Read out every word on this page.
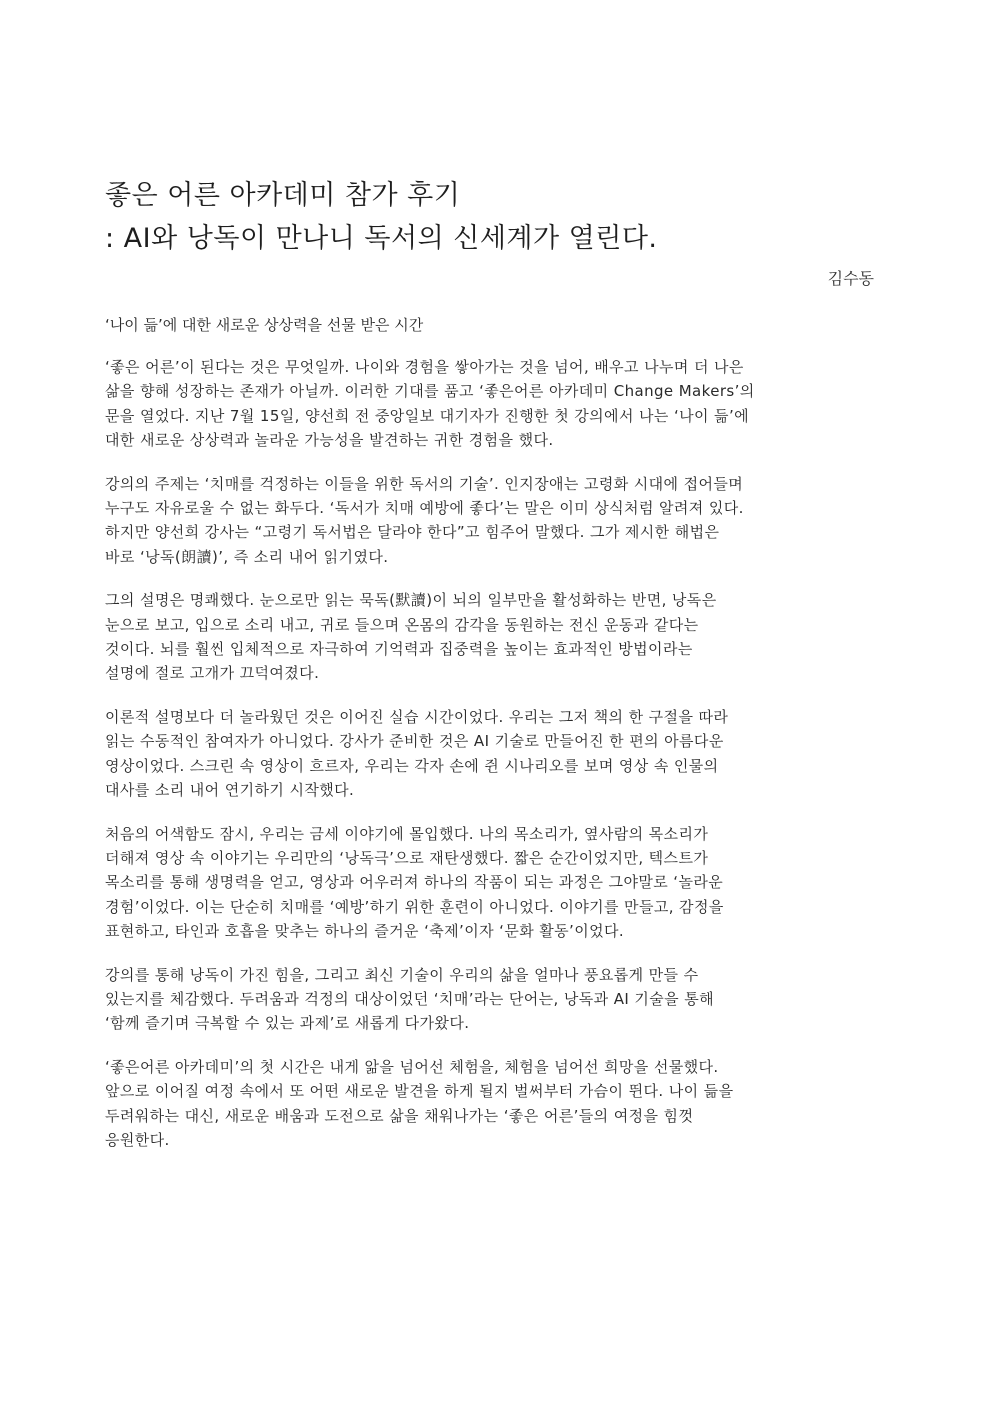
좋은 어른 아카데미 참가 후기
: AI와 낭독이 만나니 독서의 신세계가 열린다.
김수동
‘나이 듦’에 대한 새로운 상상력을 선물 받은 시간
‘좋은 어른’이 된다는 것은 무엇일까. 나이와 경험을 쌓아가는 것을 넘어, 배우고 나누며 더 나은
삶을 향해 성장하는 존재가 아닐까. 이러한 기대를 품고 ‘좋은어른 아카데미 Change Makers’의
문을 열었다. 지난 7월 15일, 양선희 전 중앙일보 대기자가 진행한 첫 강의에서 나는 ‘나이 듦’에
대한 새로운 상상력과 놀라운 가능성을 발견하는 귀한 경험을 했다.
강의의 주제는 ‘치매를 걱정하는 이들을 위한 독서의 기술’. 인지장애는 고령화 시대에 접어들며
누구도 자유로울 수 없는 화두다. ‘독서가 치매 예방에 좋다’는 말은 이미 상식처럼 알려져 있다.
하지만 양선희 강사는 “고령기 독서법은 달라야 한다”고 힘주어 말했다. 그가 제시한 해법은
바로 ‘낭독(朗讀)’, 즉 소리 내어 읽기였다.
그의 설명은 명쾌했다. 눈으로만 읽는 묵독(默讀)이 뇌의 일부만을 활성화하는 반면, 낭독은
눈으로 보고, 입으로 소리 내고, 귀로 들으며 온몸의 감각을 동원하는 전신 운동과 같다는
것이다. 뇌를 훨씬 입체적으로 자극하여 기억력과 집중력을 높이는 효과적인 방법이라는
설명에 절로 고개가 끄덕여졌다.
이론적 설명보다 더 놀라웠던 것은 이어진 실습 시간이었다. 우리는 그저 책의 한 구절을 따라
읽는 수동적인 참여자가 아니었다. 강사가 준비한 것은 AI 기술로 만들어진 한 편의 아름다운
영상이었다. 스크린 속 영상이 흐르자, 우리는 각자 손에 쥔 시나리오를 보며 영상 속 인물의
대사를 소리 내어 연기하기 시작했다.
처음의 어색함도 잠시, 우리는 금세 이야기에 몰입했다. 나의 목소리가, 옆사람의 목소리가
더해져 영상 속 이야기는 우리만의 ‘낭독극’으로 재탄생했다. 짧은 순간이었지만, 텍스트가
목소리를 통해 생명력을 얻고, 영상과 어우러져 하나의 작품이 되는 과정은 그야말로 ‘놀라운
경험’이었다. 이는 단순히 치매를 ‘예방’하기 위한 훈련이 아니었다. 이야기를 만들고, 감정을
표현하고, 타인과 호흡을 맞추는 하나의 즐거운 ‘축제’이자 ‘문화 활동’이었다.
강의를 통해 낭독이 가진 힘을, 그리고 최신 기술이 우리의 삶을 얼마나 풍요롭게 만들 수
있는지를 체감했다. 두려움과 걱정의 대상이었던 ‘치매’라는 단어는, 낭독과 AI 기술을 통해
‘함께 즐기며 극복할 수 있는 과제’로 새롭게 다가왔다.
‘좋은어른 아카데미’의 첫 시간은 내게 앎을 넘어선 체험을, 체험을 넘어선 희망을 선물했다.
앞으로 이어질 여정 속에서 또 어떤 새로운 발견을 하게 될지 벌써부터 가슴이 뛴다. 나이 듦을
두려워하는 대신, 새로운 배움과 도전으로 삶을 채워나가는 ‘좋은 어른’들의 여정을 힘껏
응원한다.
